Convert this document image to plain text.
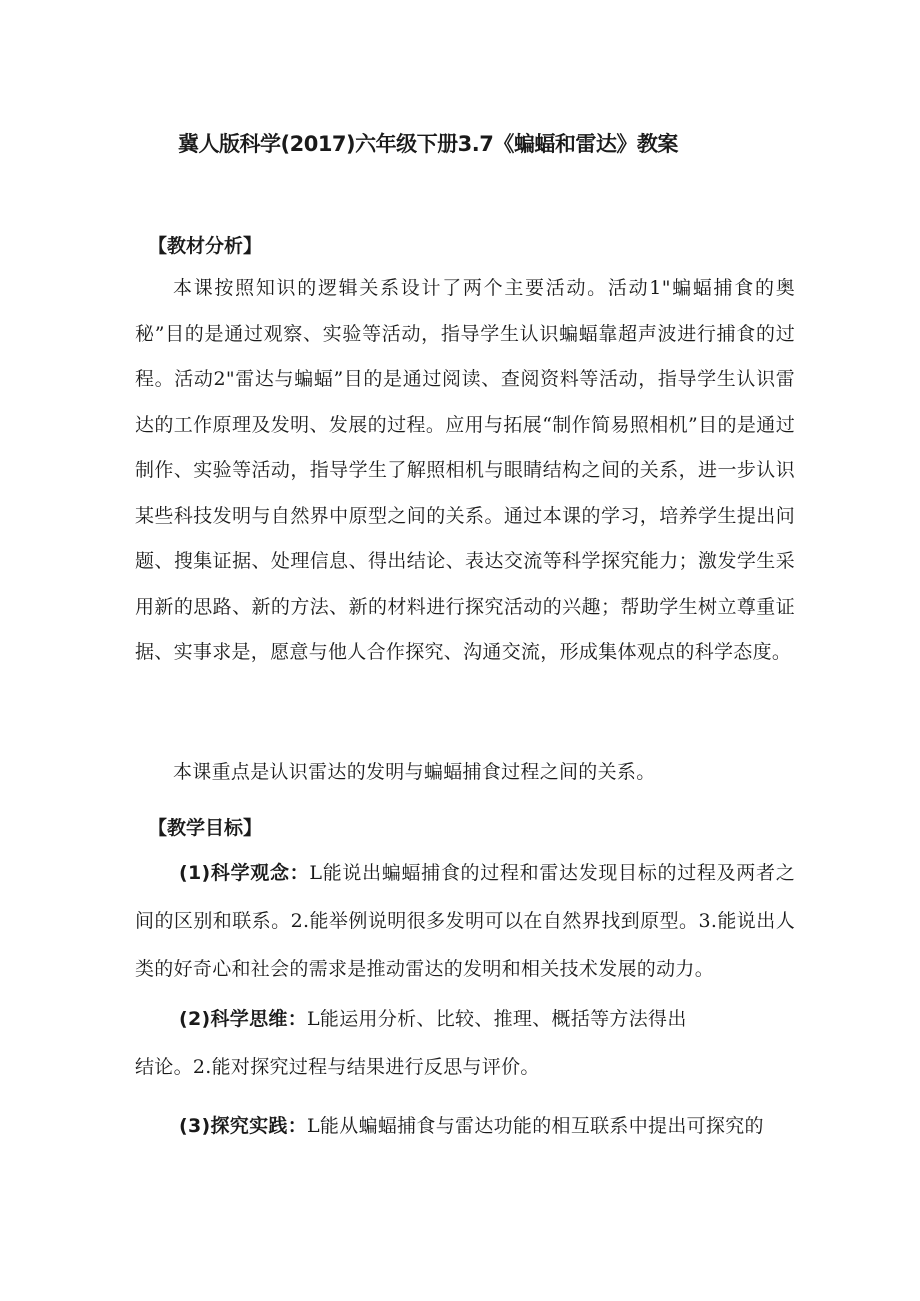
冀人版科学(2017)六年级下册3.7《蝙蝠和雷达》教案
【教材分析】
本课按照知识的逻辑关系设计了两个主要活动。活动1"蝙蝠捕食的奥秘”目的是通过观察、实验等活动，指导学生认识蝙蝠靠超声波进行捕食的过程。活动2"雷达与蝙蝠”目的是通过阅读、查阅资料等活动，指导学生认识雷达的工作原理及发明、发展的过程。应用与拓展“制作简易照相机”目的是通过制作、实验等活动，指导学生了解照相机与眼睛结构之间的关系，进一步认识某些科技发明与自然界中原型之间的关系。通过本课的学习，培养学生提出问题、搜集证据、处理信息、得出结论、表达交流等科学探究能力；激发学生采用新的思路、新的方法、新的材料进行探究活动的兴趣；帮助学生树立尊重证据、实事求是，愿意与他人合作探究、沟通交流，形成集体观点的科学态度。
本课重点是认识雷达的发明与蝙蝠捕食过程之间的关系。
【教学目标】
(1)科学观念：L能说出蝙蝠捕食的过程和雷达发现目标的过程及两者之间的区别和联系。2.能举例说明很多发明可以在自然界找到原型。3.能说出人类的好奇心和社会的需求是推动雷达的发明和相关技术发展的动力。
(2)科学思维：L能运用分析、比较、推理、概括等方法得出
结论。2.能对探究过程与结果进行反思与评价。
(3)探究实践：L能从蝙蝠捕食与雷达功能的相互联系中提出可探究的
